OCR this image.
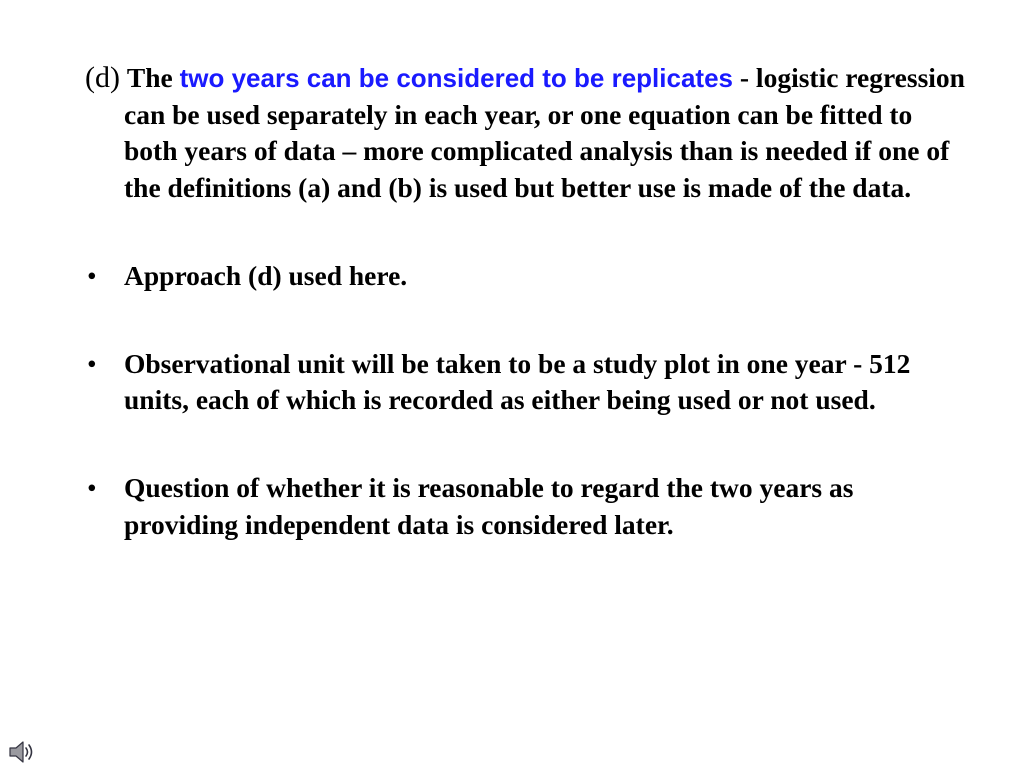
(d) The two years can be considered to be replicates - logistic regression can be used separately in each year, or one equation can be fitted to both years of data – more complicated analysis than is needed if one of the definitions (a) and (b) is used but better use is made of the data.
• Approach (d) used here.
• Observational unit will be taken to be a study plot in one year - 512 units, each of which is recorded as either being used or not used.
• Question of whether it is reasonable to regard the two years as providing independent data is considered later.
